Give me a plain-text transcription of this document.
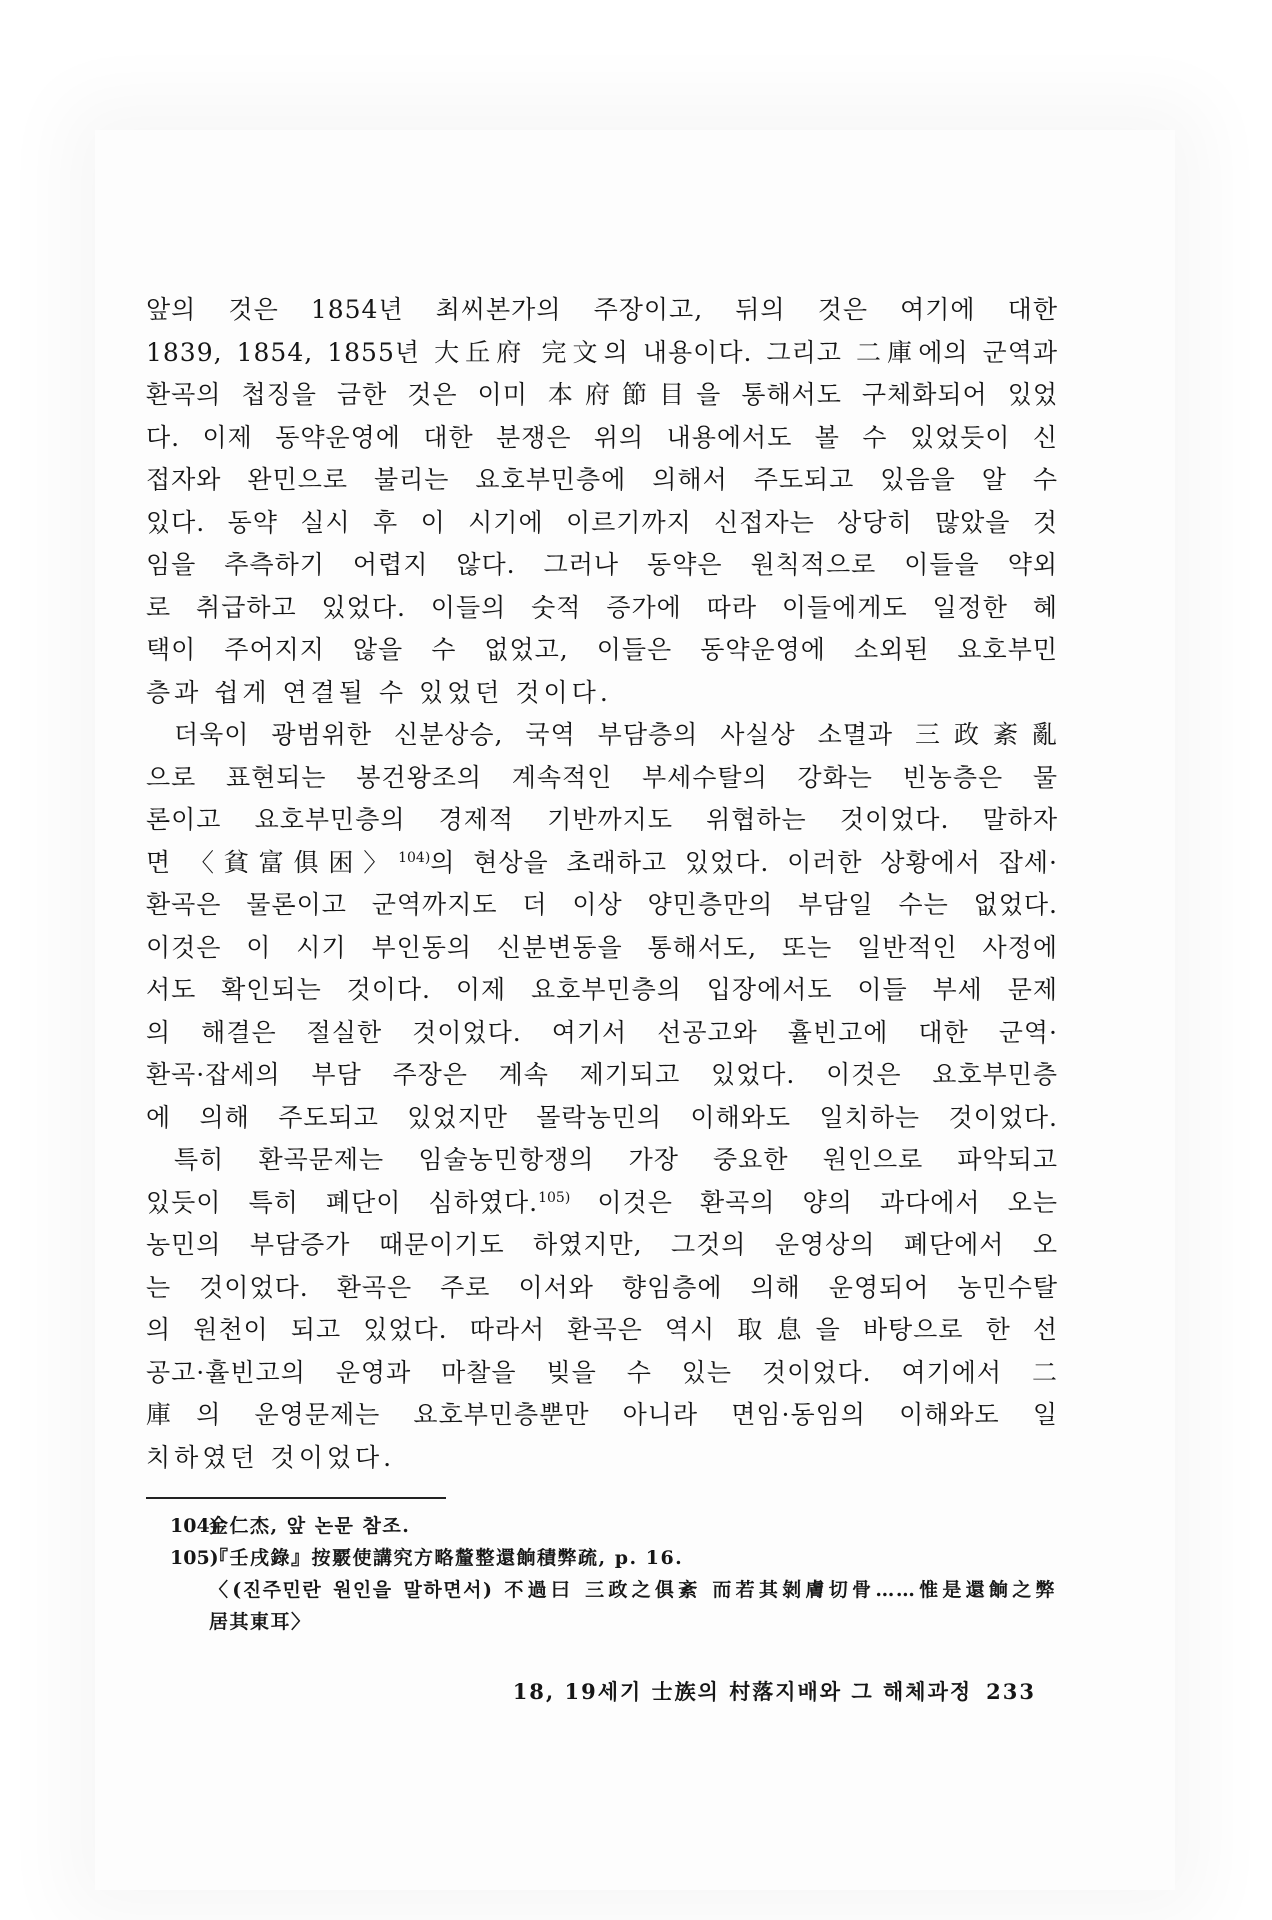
앞의 것은 1854년 최씨본가의 주장이고, 뒤의 것은 여기에 대한
1839, 1854, 1855년 大丘府 完文의 내용이다. 그리고 二庫에의 군역과
환곡의 첩징을 금한 것은 이미 本府節目을 통해서도 구체화되어 있었
다. 이제 동약운영에 대한 분쟁은 위의 내용에서도 볼 수 있었듯이 신
접자와 완민으로 불리는 요호부민층에 의해서 주도되고 있음을 알 수
있다. 동약 실시 후 이 시기에 이르기까지 신접자는 상당히 많았을 것
임을 추측하기 어렵지 않다. 그러나 동약은 원칙적으로 이들을 약외
로 취급하고 있었다. 이들의 숫적 증가에 따라 이들에게도 일정한 혜
택이 주어지지 않을 수 없었고, 이들은 동약운영에 소외된 요호부민
층과 쉽게 연결될 수 있었던 것이다.
더욱이 광범위한 신분상승, 국역 부담층의 사실상 소멸과 三政紊亂
으로 표현되는 봉건왕조의 계속적인 부세수탈의 강화는 빈농층은 물
론이고 요호부민층의 경제적 기반까지도 위협하는 것이었다. 말하자
면 〈貧富俱困〉$^{104)}$의 현상을 초래하고 있었다. 이러한 상황에서 잡세·
환곡은 물론이고 군역까지도 더 이상 양민층만의 부담일 수는 없었다.
이것은 이 시기 부인동의 신분변동을 통해서도, 또는 일반적인 사정에
서도 확인되는 것이다. 이제 요호부민층의 입장에서도 이들 부세 문제
의 해결은 절실한 것이었다. 여기서 선공고와 휼빈고에 대한 군역·
환곡·잡세의 부담 주장은 계속 제기되고 있었다. 이것은 요호부민층
에 의해 주도되고 있었지만 몰락농민의 이해와도 일치하는 것이었다.
특히 환곡문제는 임술농민항쟁의 가장 중요한 원인으로 파악되고
있듯이 특히 폐단이 심하였다.$^{105)}$ 이것은 환곡의 양의 과다에서 오는
농민의 부담증가 때문이기도 하였지만, 그것의 운영상의 폐단에서 오
는 것이었다. 환곡은 주로 이서와 향임층에 의해 운영되어 농민수탈
의 원천이 되고 있었다. 따라서 환곡은 역시 取息을 바탕으로 한 선
공고·휼빈고의 운영과 마찰을 빚을 수 있는 것이었다. 여기에서 二
庫의 운영문제는 요호부민층뿐만 아니라 면임·동임의 이해와도 일
치하였던 것이었다.
104)金仁杰, 앞 논문 참조.
105)『壬戌錄』按覈使講究方略釐整還餉積弊疏, p. 16.
〈(진주민란 원인을 말하면서) 不過曰 三政之俱紊 而若其剝膚切骨……惟是還餉之弊
居其東耳〉
18, 19세기 士族의 村落지배와 그 해체과정 233
